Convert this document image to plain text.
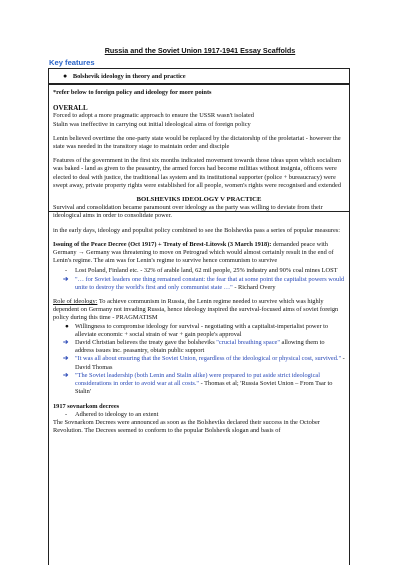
Russia and the Soviet Union 1917-1941 Essay Scaffolds
Key features
● Bolshevik ideology in theory and practice

*refer below to foreign policy and ideology for more points

OVERALL

Forced to adopt a more pragmatic approach to ensure the USSR wasn't isolated
Stalin was ineffective in carrying out initial ideological aims of foreign policy

Lenin believed overtime the one-party state would be replaced by the dictatorship of the proletariat - however the state was needed in the transitory stage to maintain order and disciple

Features of the government in the first six months indicated movement towards those ideas upon which socialism was baked - land as given to the peasantry, the armed forces had become militias without insignia, officers were elected to deal with justice, the traditional las system and its institutional supporter (police + bureaucracy) were swept away, private property rights were established for all people, women's rights were recognised and extended

BOLSHEVIKS IDEOLOGY V PRACTICE

Survival and consolidation became paramount over ideology as the party was willing to deviate from their ideological aims in order to consolidate power.

in the early days, ideology and populist policy combined to see the Bolsheviks pass a series of popular measures:

Issuing of the Peace Decree (Oct 1917) + Treaty of Brest-Litovsk (3 March 1918): demanded peace with Germany → Germany was threatening to move on Petrograd which would almost certainly result in the end of Lenin's regime. The aim was for Lenin's regime to survive hence communism to survive

- Lost Poland, Finland etc. - 32% of arable land, 62 mil people, 25% industry and 90% coal mines LOST
➔ "… for Soviet leaders one thing remained constant: the fear that at some point the capitalist powers would unite to destroy the world's first and only communist state …" - Richard Overy

Role of ideology: To achieve communism in Russia, the Lenin regime needed to survive which was highly dependent on Germany not invading Russia, hence ideology inspired the survival-focused aims of soviet foreign policy during this time - PRAGMATISM

● Willingness to compromise ideology for survival - negotiating with a capitalist-imperialist power to alleviate economic + social strain of war + gain people's approval
➔ David Christian believes the treaty gave the bolsheviks "crucial breathing space" allowing them to address issues inc. peasantry, obtain public support
➔ "It was all about ensuring that the Soviet Union, regardless of the ideological or physical cost, survived." - David Thomas
➔ "The Soviet leadership (both Lenin and Stalin alike) were prepared to put aside strict ideological considerations in order to avoid war at all costs." - Thomas et al; 'Russia Soviet Union – From Tsar to Stalin'

1917 sovnarkom decrees

- Adhered to ideology to an extent

The Sovnarkom Decrees were announced as soon as the Bolsheviks declared their success in the October Revolution. The Decrees seemed to conform to the popular Bolshevik slogan and basis of
